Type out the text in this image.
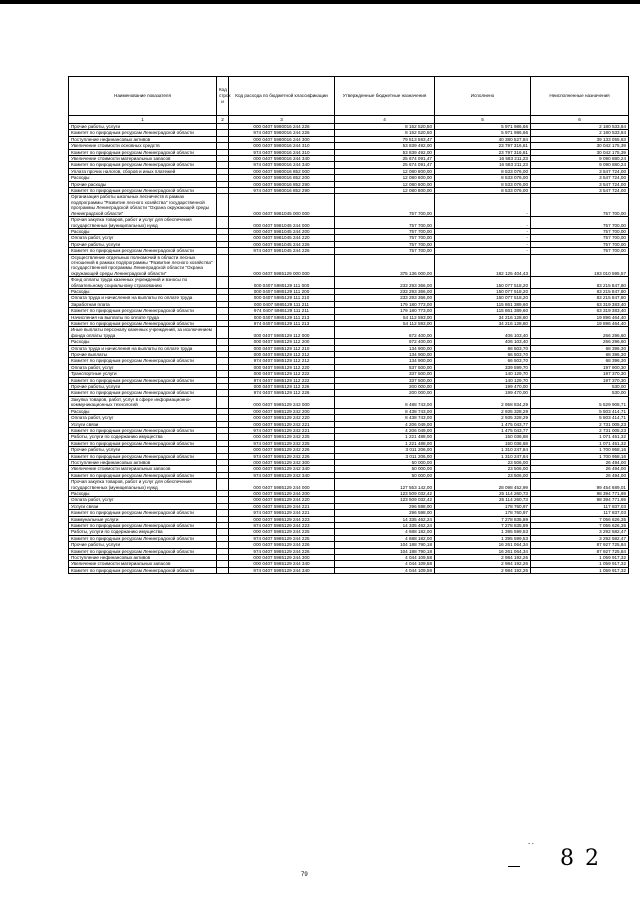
Наименование показателя	Код строк и	Код расхода по бюджетной классификации	Утвержденные бюджетные назначения	Исполнено	Неисполненные назначения
1	2	3	4	5	6
Прочие работы, услуги		000 0407 5980016 244 226	8 152 520,50	5 971 986,66	2 180 533,84
Комитет по природным ресурсам Ленинградской области		974 0407 5980016 244 226	8 152 520,50	5 971 986,66	2 180 533,84
Поступление нефинансовых активов		000 0407 5980016 244 300	79 513 583,47	40 380 527,84	39 133 055,63
Увеличение стоимости основных средств		000 0407 5980016 244 310	53 839 492,00	23 797 316,61	30 042 175,39
Комитет по природным ресурсам Ленинградской области		974 0407 5980016 244 310	53 839 492,00	23 797 316,61	30 042 175,39
Увеличение стоимости материальных запасов		000 0407 5980016 244 340	25 674 091,47	16 583 211,23	9 090 880,24
Комитет по природным ресурсам Ленинградской области		974 0407 5980016 244 340	25 674 091,47	16 583 211,23	9 090 880,24
Уплата прочих налогов, сборов и иных платежей		000 0407 5980016 852 000	12 080 800,00	8 533 076,00	3 547 724,00
Расходы		000 0407 5980016 852 200	12 080 800,00	8 533 076,00	3 547 724,00
Прочие расходы		000 0407 5980016 852 290	12 080 800,00	8 533 076,00	3 547 724,00
Комитет по природным ресурсам Ленинградской области		974 0407 5980016 852 290	12 080 800,00	8 533 076,00	3 547 724,00
Организация работы школьных лесничеств в рамках подпрограммы "Развитие лесного хозяйства" государственной программы Ленинградской области "Охрана окружающей среды Ленинградской области"		000 0407 5981045 000 000	757 700,00	-	757 700,00
Прочая закупка товаров, работ и услуг для обеспечения государственных (муниципальных) нужд		000 0407 5981045 244 000	757 700,00	-	757 700,00
Расходы		000 0407 5981045 244 200	757 700,00	-	757 700,00
Оплата работ, услуг		000 0407 5981045 244 220	757 700,00	-	757 700,00
Прочие работы, услуги		000 0407 5981045 244 226	757 700,00	-	757 700,00
Комитет по природным ресурсам Ленинградской области		974 0407 5981045 244 226	757 700,00	-	757 700,00
Осуществление отдельных полномочий в области лесных отношений в рамках подпрограммы "Развитие лесного хозяйства" государственной программы Ленинградской области "Охрана окружающей среды Ленинградской области"		000 0407 5985129 000 000	375 136 000,00	182 125 404,43	193 010 595,57
Фонд оплаты труда казенных учреждений и взносы по обязательному социальному страхованию		000 0407 5985129 111 000	233 293 366,00	150 077 518,20	83 215 847,80
Расходы		000 0407 5985129 111 200	233 293 366,00	150 077 518,20	83 215 847,80
Оплата труда и начисления на выплаты по оплате труда		000 0407 5985129 111 210	233 293 366,00	150 077 518,20	83 215 847,80
Заработная плата		000 0407 5985129 111 211	179 180 773,00	115 861 389,60	63 319 383,40
Комитет по природным ресурсам Ленинградской области		974 0407 5985129 111 211	179 180 773,00	115 861 389,60	63 319 383,40
Начисления на выплаты по оплате труда		000 0407 5985129 111 213	54 112 593,00	34 216 128,60	19 896 464,40
Комитет по природным ресурсам Ленинградской области		974 0407 5985129 111 213	54 112 593,00	34 216 128,60	19 896 464,40
Иные выплаты персоналу казенных учреждений, за исключением фонда оплаты труда		000 0407 5985129 112 000	672 400,00	406 103,40	266 296,60
Расходы		000 0407 5985129 112 200	672 400,00	406 103,40	266 296,60
Оплата труда и начисления на выплаты по оплате труда		000 0407 5985129 112 210	134 900,00	66 503,70	68 396,30
Прочие выплаты		000 0407 5985129 112 212	134 900,00	66 503,70	68 396,30
Комитет по природным ресурсам Ленинградской области		974 0407 5985129 112 212	134 900,00	66 503,70	68 396,30
Оплата работ, услуг		000 0407 5985129 112 220	537 500,00	339 599,70	197 900,30
Транспортные услуги		000 0407 5985129 112 222	337 500,00	140 129,70	197 370,30
Комитет по природным ресурсам Ленинградской области		974 0407 5985129 112 222	337 500,00	140 129,70	197 370,30
Прочие работы, услуги		000 0407 5985129 112 226	200 000,00	199 470,00	530,00
Комитет по природным ресурсам Ленинградской области		974 0407 5985129 112 226	200 000,00	199 470,00	530,00
Закупка товаров, работ, услуг в сфере информационно-коммуникационных технологий		000 0407 5985129 242 000	8 488 743,00	2 958 834,29	5 529 908,71
Расходы		000 0407 5985129 242 200	8 438 743,00	2 935 328,29	5 503 414,71
Оплата работ, услуг		000 0407 5985129 242 220	8 438 743,00	2 935 328,29	5 503 414,71
Услуги связи		000 0407 5985129 242 221	4 206 049,00	1 475 043,77	2 731 005,23
Комитет по природным ресурсам Ленинградской области		974 0407 5985129 242 221	4 206 049,00	1 475 043,77	2 731 005,23
Работы, услуги по содержанию имущества		000 0407 5985129 242 225	1 221 488,00	150 036,68	1 071 451,32
Комитет по природным ресурсам Ленинградской области		974 0407 5985129 242 225	1 221 488,00	150 036,68	1 071 451,32
Прочие работы, услуги		000 0407 5985129 242 226	3 011 206,00	1 310 247,84	1 700 958,16
Комитет по природным ресурсам Ленинградской области		974 0407 5985129 242 226	3 011 206,00	1 310 247,84	1 700 958,16
Поступление нефинансовых активов		000 0407 5985129 242 300	50 000,00	23 506,00	26 494,00
Увеличение стоимости материальных запасов		000 0407 5985129 242 340	50 000,00	23 506,00	26 494,00
Комитет по природным ресурсам Ленинградской области		974 0407 5985129 242 340	50 000,00	23 506,00	26 494,00
Прочая закупка товаров, работ и услуг для обеспечения государственных (муниципальных) нужд		000 0407 5985129 244 000	127 553 142,00	28 098 452,99	99 454 689,01
Расходы		000 0407 5985129 244 200	123 509 032,42	25 114 260,73	98 394 771,69
Оплата работ, услуг		000 0407 5985129 244 220	123 509 032,42	25 114 260,73	98 394 771,69
Услуги связи		000 0407 5985129 244 221	296 598,00	178 760,97	117 837,03
Комитет по природным ресурсам Ленинградской области		974 0407 5985129 244 221	296 598,00	178 760,97	117 837,03
Коммунальные услуги		000 0407 5985129 244 223	14 335 462,24	7 278 835,89	7 056 626,35
Комитет по природным ресурсам Ленинградской области		974 0407 5985129 244 223	14 335 462,24	7 278 835,89	7 056 626,35
Работы, услуги по содержанию имущества		000 0407 5985129 244 225	4 688 182,00	1 395 599,53	3 292 582,47
Комитет по природным ресурсам Ленинградской области		974 0407 5985129 244 225	4 688 182,00	1 395 599,53	3 292 582,47
Прочие работы, услуги		000 0407 5985129 244 226	104 188 790,18	16 261 064,34	87 927 725,84
Комитет по природным ресурсам Ленинградской области		974 0407 5985129 244 226	104 188 790,18	16 261 064,34	87 927 725,84
Поступление нефинансовых активов		000 0407 5985129 244 300	4 044 109,58	2 984 192,26	1 059 917,32
Увеличение стоимости материальных запасов		000 0407 5985129 244 340	4 044 109,58	2 984 192,26	1 059 917,32
Комитет по природным ресурсам Ленинградской области		974 0407 5985129 244 340	4 044 109,58	2 984 192,26	1 059 917,32
- -
8 2
79
